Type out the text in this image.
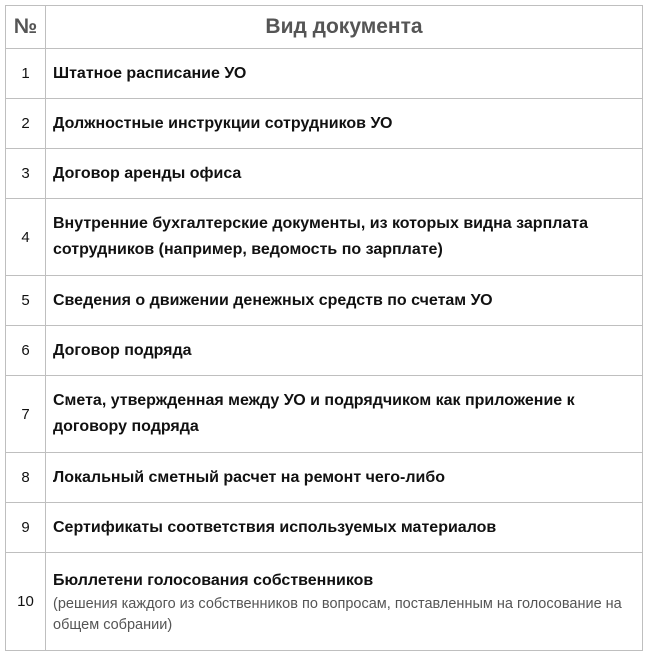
№	Вид документа
1	Штатное расписание УО
2	Должностные инструкции сотрудников УО
3	Договор аренды офиса
4	Внутренние бухгалтерские документы, из которых видна зарплата сотрудников (например, ведомость по зарплате)
5	Сведения о движении денежных средств по счетам УО
6	Договор подряда
7	Смета, утвержденная между УО и подрядчиком как приложение к договору подряда
8	Локальный сметный расчет на ремонт чего-либо
9	Сертификаты соответствия используемых материалов
10	Бюллетени голосования собственников
(решения каждого из собственников по вопросам, поставленным на голосование на общем собрании)
